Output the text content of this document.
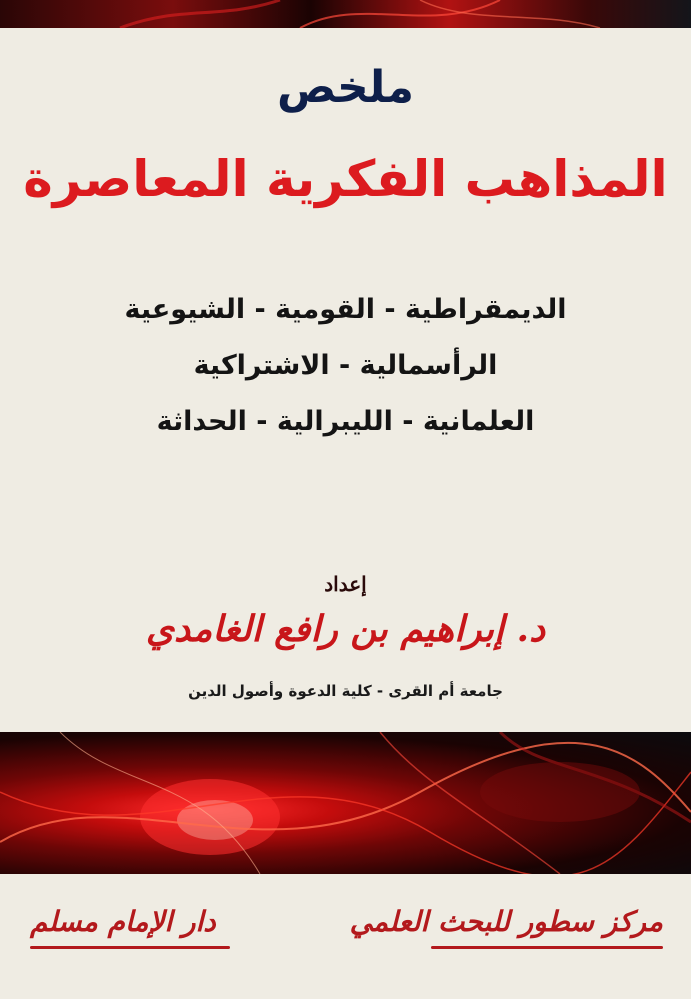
ملخص
المذاهب الفكرية المعاصرة
الديمقراطية - القومية - الشيوعية
الرأسمالية - الاشتراكية
العلمانية - الليبرالية - الحداثة
إعداد
د. إبراهيم بن رافع الغامدي
جامعة أم القرى - كلية الدعوة وأصول الدين
مركز سطور للبحث العلمي
دار الإمام مسلم
